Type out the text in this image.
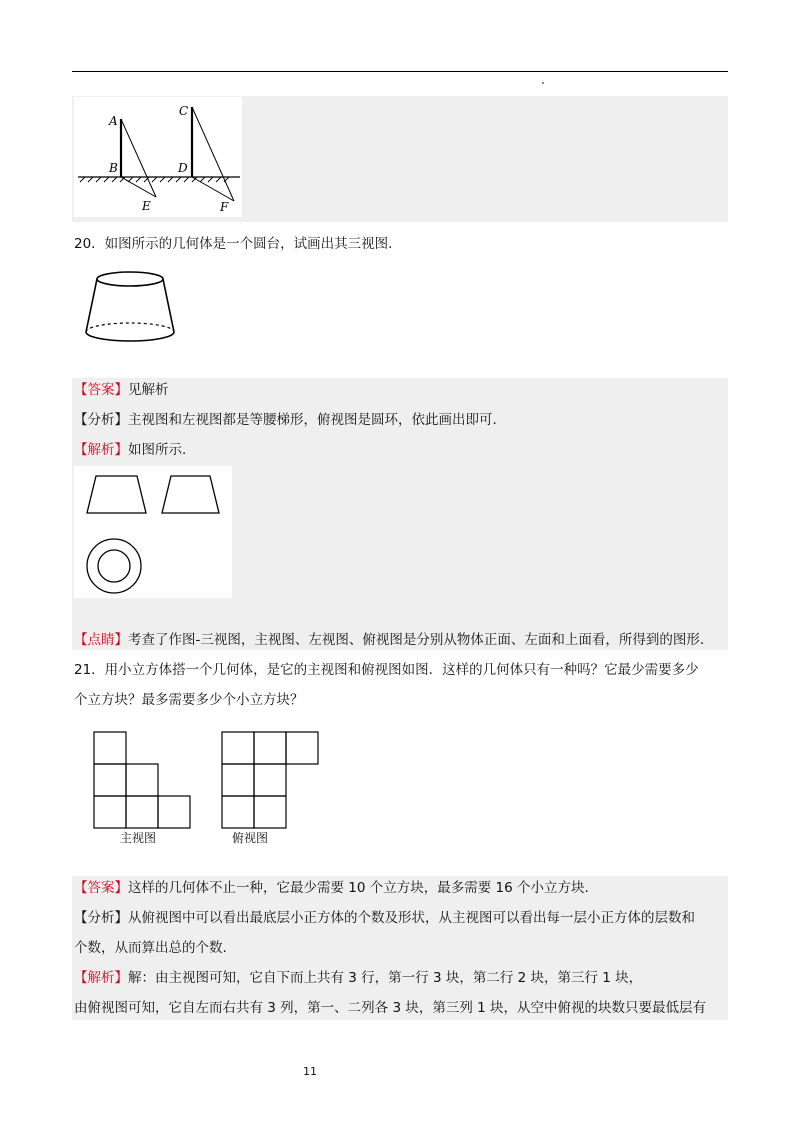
A
B
C
D
E	F
20．如图所示的几何体是一个圆台，试画出其三视图.
【答案】见解析
【分析】主视图和左视图都是等腰梯形，俯视图是圆环，依此画出即可.
【解析】如图所示.
【点睛】考查了作图-三视图，主视图、左视图、俯视图是分别从物体正面、左面和上面看，所得到的图形.
21．用小立方体搭一个几何体，是它的主视图和俯视图如图．这样的几何体只有一种吗？它最少需要多少
个立方块？最多需要多少个小立方块？
主视图	俯视图
【答案】这样的几何体不止一种，它最少需要 10 个立方块，最多需要 16 个小立方块.
【分析】从俯视图中可以看出最底层小正方体的个数及形状，从主视图可以看出每一层小正方体的层数和
个数，从而算出总的个数.
【解析】解：由主视图可知，它自下而上共有 3 行，第一行 3 块，第二行 2 块，第三行 1 块，
由俯视图可知，它自左而右共有 3 列，第一、二列各 3 块，第三列 1 块，从空中俯视的块数只要最低层有
11
